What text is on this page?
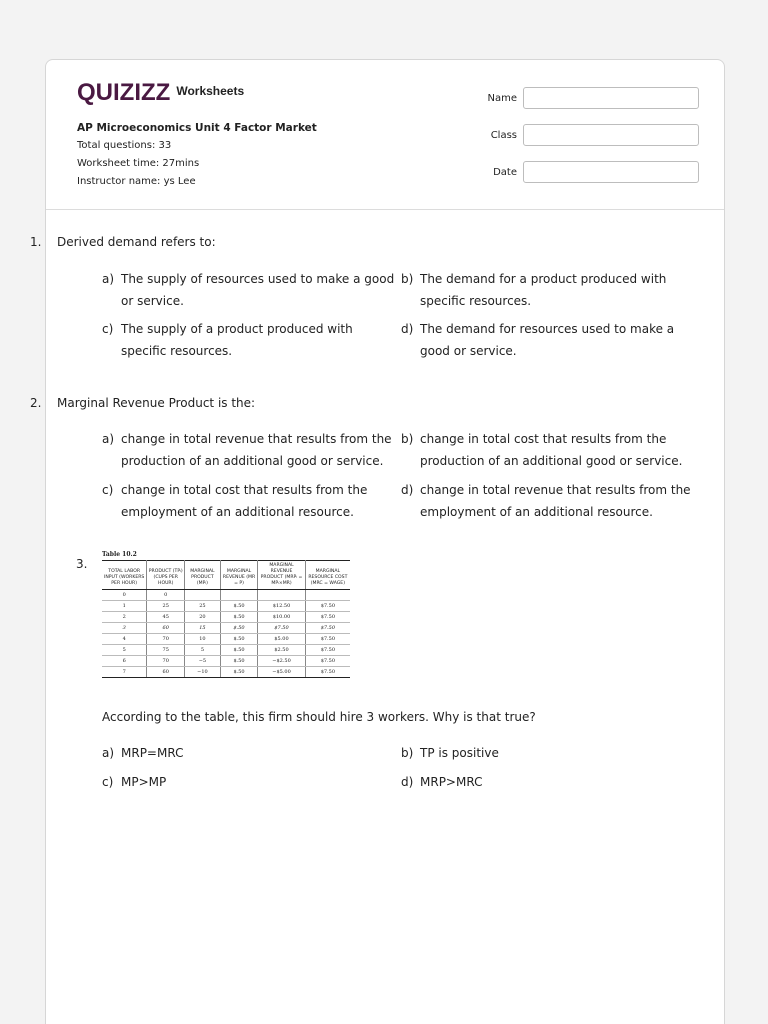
QUIZIZZ Worksheets
AP Microeconomics Unit 4 Factor Market
Total questions: 33
Worksheet time: 27mins
Instructor name: ys Lee
Name
Class
Date
1.	Derived demand refers to:
a) The supply of resources used to make a good or service.
b) The demand for a product produced with specific resources.
c) The supply of a product produced with specific resources.
d) The demand for resources used to make a good or service.
2.	Marginal Revenue Product is the:
a) change in total revenue that results from the production of an additional good or service.
b) change in total cost that results from the production of an additional good or service.
c) change in total cost that results from the employment of an additional resource.
d) change in total revenue that results from the employment of an additional resource.
3.
Table 10.2
TOTAL LABOR INPUT (WORKERS PER HOUR)	PRODUCT (TPₗ) (CUPS PER HOUR)	MARGINAL PRODUCT (MPₗ)	MARGINAL REVENUE (MR = P)	MARGINAL REVENUE PRODUCT (MRPₗ = MPₗ×MR)	MARGINAL RESOURCE COST (MRC = WAGE)
0	0				
1	25	25	$.50	$12.50	$7.50
2	45	20	$.50	$10.00	$7.50
3	60	15	$.50	$7.50	$7.50
4	70	10	$.50	$5.00	$7.50
5	75	5	$.50	$2.50	$7.50
6	70	−5	$.50	−$2.50	$7.50
7	60	−10	$.50	−$5.00	$7.50
According to the table, this firm should hire 3 workers. Why is that true?
a) MRP=MRC	b) TP is positive
c) MP>MP	d) MRP>MRC
